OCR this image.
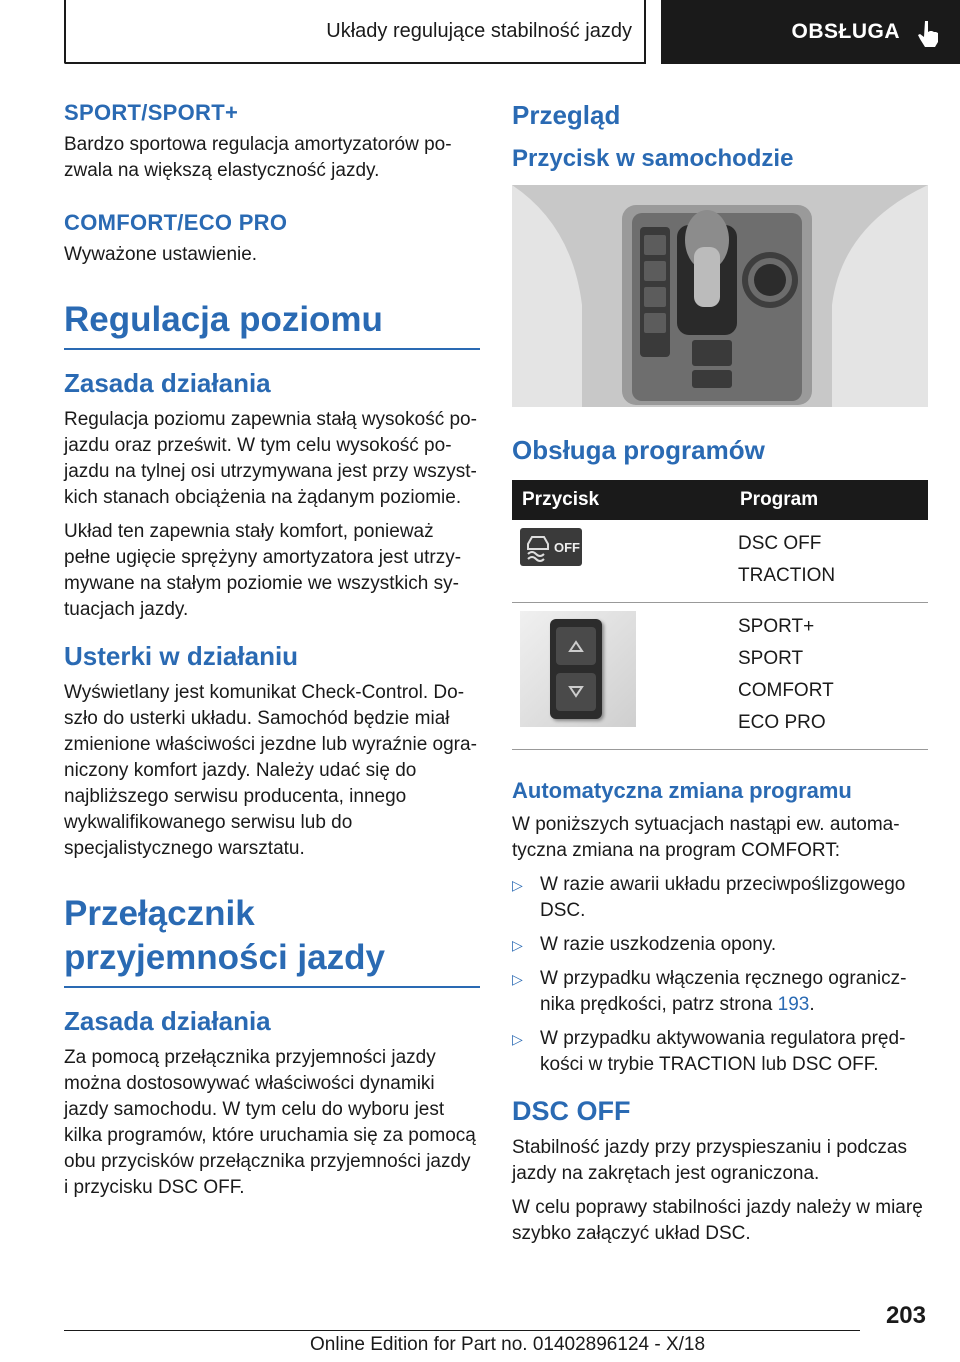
Układy regulujące stabilność jazdy	OBSŁUGA
SPORT/SPORT+

Bardzo sportowa regulacja amortyzatorów pozwala na większą elastyczność jazdy.

COMFORT/ECO PRO

Wyważone ustawienie.

Regulacja poziomu
Zasada działania

Regulacja poziomu zapewnia stałą wysokość pojazdu oraz prześwit. W tym celu wysokość pojazdu na tylnej osi utrzymywana jest przy wszystkich stanach obciążenia na żądanym poziomie.

Układ ten zapewnia stały komfort, ponieważ pełne ugięcie sprężyny amortyzatora jest utrzymywane na stałym poziomie we wszystkich sytuacjach jazdy.

Usterki w działaniu

Wyświetlany jest komunikat Check-Control. Doszło do usterki układu. Samochód będzie miał zmienione właściwości jezdne lub wyraźnie ograniczony komfort jazdy. Należy udać się do najbliższego serwisu producenta, innego wykwalifikowanego serwisu lub do specjalistycznego warsztatu.

Przełącznik przyjemności jazdy
Zasada działania

Za pomocą przełącznika przyjemności jazdy można dostosowywać właściwości dynamiki jazdy samochodu. W tym celu do wyboru jest kilka programów, które uruchamia się za pomocą obu przycisków przełącznika przyjemności jazdy i przycisku DSC OFF.

Przegląd
Przycisk w samochodzie
Obsługa programów
Przycisk	Program

OFF	DSC OFF
TRACTION

SPORT+
SPORT
COMFORT
ECO PRO
Automatyczna zmiana programu

W poniższych sytuacjach nastąpi ew. automatyczna zmiana na program COMFORT:

▷ W razie awarii układu przeciwpoślizgowego DSC.
▷ W razie uszkodzenia opony.
▷ W przypadku włączenia ręcznego ogranicznika prędkości, patrz strona 193.
▷ W przypadku aktywowania regulatora prędkości w trybie TRACTION lub DSC OFF.
DSC OFF

Stabilność jazdy przy przyspieszaniu i podczas jazdy na zakrętach jest ograniczona.

W celu poprawy stabilności jazdy należy w miarę szybko załączyć układ DSC.

203
Online Edition for Part no. 01402896124 - X/18
